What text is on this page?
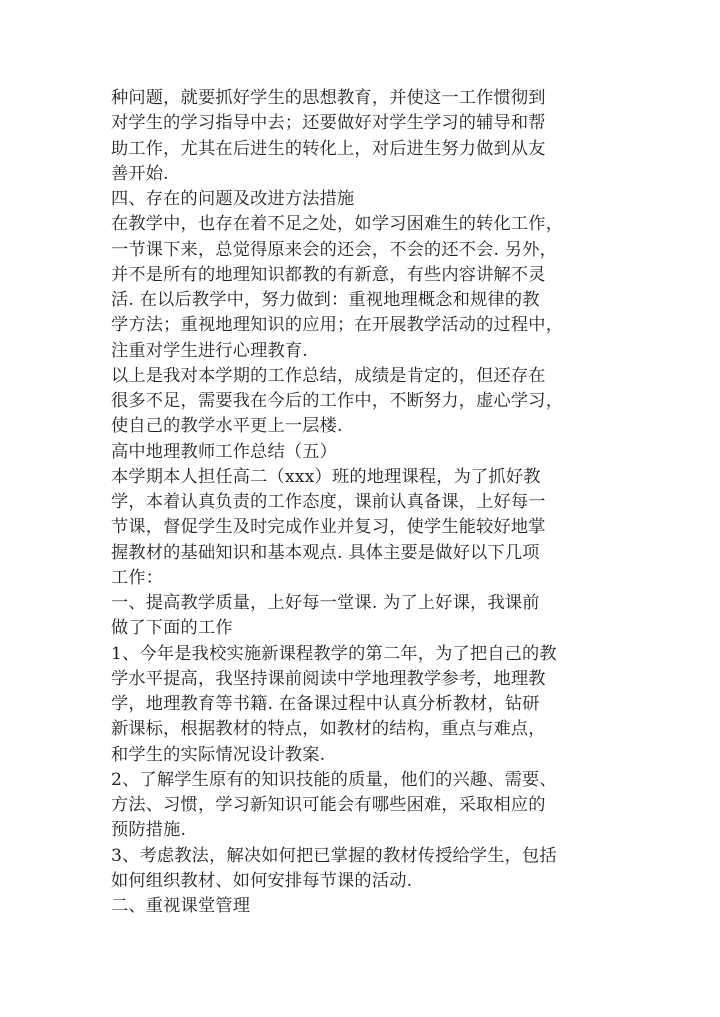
种问题，就要抓好学生的思想教育，并使这一工作惯彻到
对学生的学习指导中去；还要做好对学生学习的辅导和帮
助工作，尤其在后进生的转化上，对后进生努力做到从友
善开始.
四、存在的问题及改进方法措施
在教学中，也存在着不足之处，如学习困难生的转化工作，
一节课下来，总觉得原来会的还会，不会的还不会. 另外，
并不是所有的地理知识都教的有新意，有些内容讲解不灵
活. 在以后教学中，努力做到：重视地理概念和规律的教
学方法；重视地理知识的应用；在开展教学活动的过程中，
注重对学生进行心理教育.
以上是我对本学期的工作总结，成绩是肯定的，但还存在
很多不足，需要我在今后的工作中，不断努力，虚心学习，
使自己的教学水平更上一层楼.
高中地理教师工作总结（五）
本学期本人担任高二（xxx）班的地理课程，为了抓好教
学，本着认真负责的工作态度，课前认真备课，上好每一
节课，督促学生及时完成作业并复习，使学生能较好地掌
握教材的基础知识和基本观点. 具体主要是做好以下几项
工作：
一、提高教学质量，上好每一堂课. 为了上好课，我课前
做了下面的工作
1、今年是我校实施新课程教学的第二年，为了把自己的教
学水平提高，我坚持课前阅读中学地理教学参考，地理教
学，地理教育等书籍. 在备课过程中认真分析教材，钻研
新课标，根据教材的特点，如教材的结构，重点与难点，
和学生的实际情况设计教案.
2、了解学生原有的知识技能的质量，他们的兴趣、需要、
方法、习惯，学习新知识可能会有哪些困难，采取相应的
预防措施.
3、考虑教法，解决如何把已掌握的教材传授给学生，包括
如何组织教材、如何安排每节课的活动.
二、重视课堂管理
